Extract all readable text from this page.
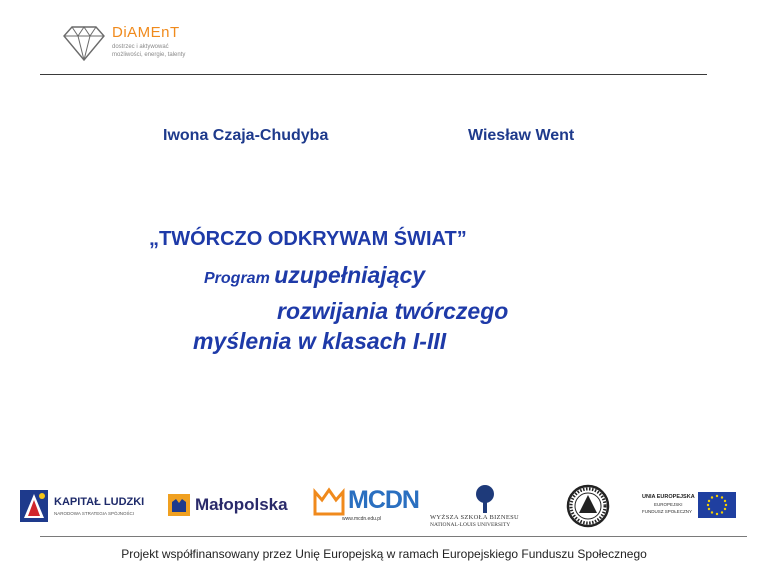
DiAMEnT
dostrzec i aktywować
możliwości, energie, talenty
Iwona Czaja-Chudyba	Wiesław Went
„TWÓRCZO ODKRYWAM ŚWIAT”
Program uzupełniający
rozwijania twórczego
myślenia w klasach I-III
KAPITAŁ LUDZKI
NARODOWA STRATEGIA SPÓJNOŚCI	Małopolska MCDN
www.mcdn.edu.pl	WYŻSZA SZKOŁA BIZNESU
NATIONAL-LOUIS UNIVERSITY
UNIA EUROPEJSKA
EUROPEJSKI
FUNDUSZ SPOŁECZNY
Projekt współfinansowany przez Unię Europejską w ramach Europejskiego Funduszu Społecznego
